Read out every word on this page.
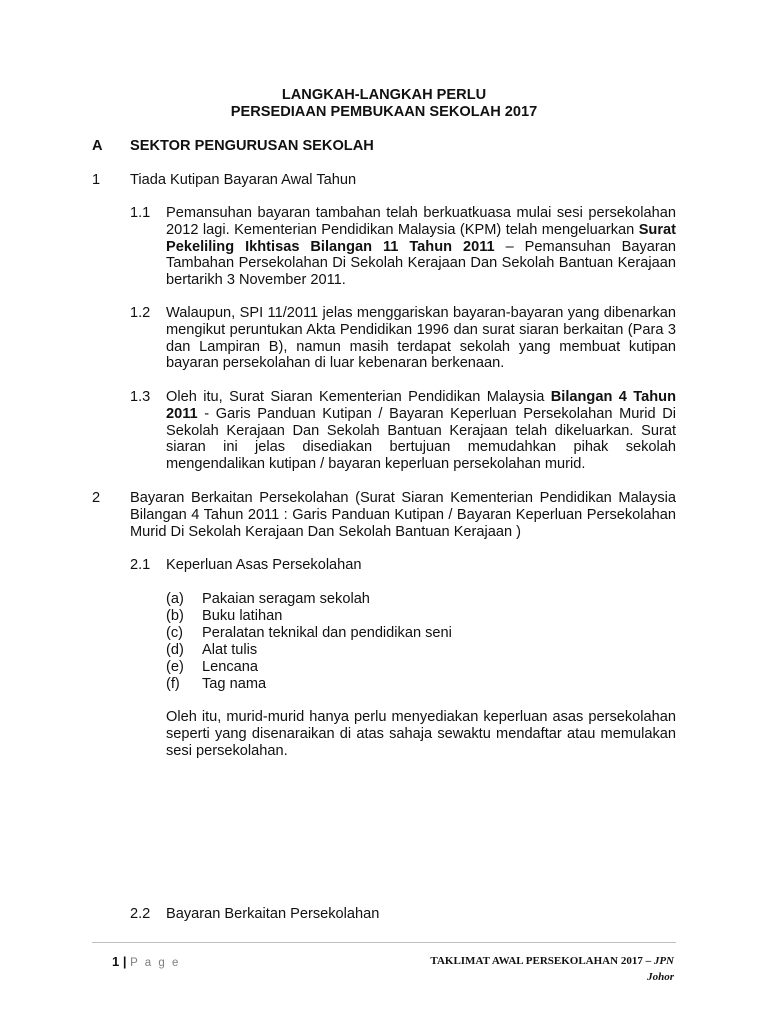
LANGKAH-LANGKAH PERLU
PERSEDIAAN PEMBUKAAN SEKOLAH 2017
A SEKTOR PENGURUSAN SEKOLAH
1 Tiada Kutipan Bayaran Awal Tahun
1.1 Pemansuhan bayaran tambahan telah berkuatkuasa mulai sesi persekolahan 2012 lagi. Kementerian Pendidikan Malaysia (KPM) telah mengeluarkan Surat Pekeliling Ikhtisas Bilangan 11 Tahun 2011 – Pemansuhan Bayaran Tambahan Persekolahan Di Sekolah Kerajaan Dan Sekolah Bantuan Kerajaan bertarikh 3 November 2011.
1.2 Walaupun, SPI 11/2011 jelas menggariskan bayaran-bayaran yang dibenarkan mengikut peruntukan Akta Pendidikan 1996 dan surat siaran berkaitan (Para 3 dan Lampiran B), namun masih terdapat sekolah yang membuat kutipan bayaran persekolahan di luar kebenaran berkenaan.
1.3 Oleh itu, Surat Siaran Kementerian Pendidikan Malaysia Bilangan 4 Tahun 2011 - Garis Panduan Kutipan / Bayaran Keperluan Persekolahan Murid Di Sekolah Kerajaan Dan Sekolah Bantuan Kerajaan telah dikeluarkan. Surat siaran ini jelas disediakan bertujuan memudahkan pihak sekolah mengendalikan kutipan / bayaran keperluan persekolahan murid.
2 Bayaran Berkaitan Persekolahan (Surat Siaran Kementerian Pendidikan Malaysia Bilangan 4 Tahun 2011 : Garis Panduan Kutipan / Bayaran Keperluan Persekolahan Murid Di Sekolah Kerajaan Dan Sekolah Bantuan Kerajaan )
2.1 Keperluan Asas Persekolahan
(a) Pakaian seragam sekolah
(b) Buku latihan
(c) Peralatan teknikal dan pendidikan seni
(d) Alat tulis
(e) Lencana
(f) Tag nama
Oleh itu, murid-murid hanya perlu menyediakan keperluan asas persekolahan seperti yang disenaraikan di atas sahaja sewaktu mendaftar atau memulakan sesi persekolahan.
2.2 Bayaran Berkaitan Persekolahan
1 | P a g e	TAKLIMAT AWAL PERSEKOLAHAN 2017 – JPN
Johor
